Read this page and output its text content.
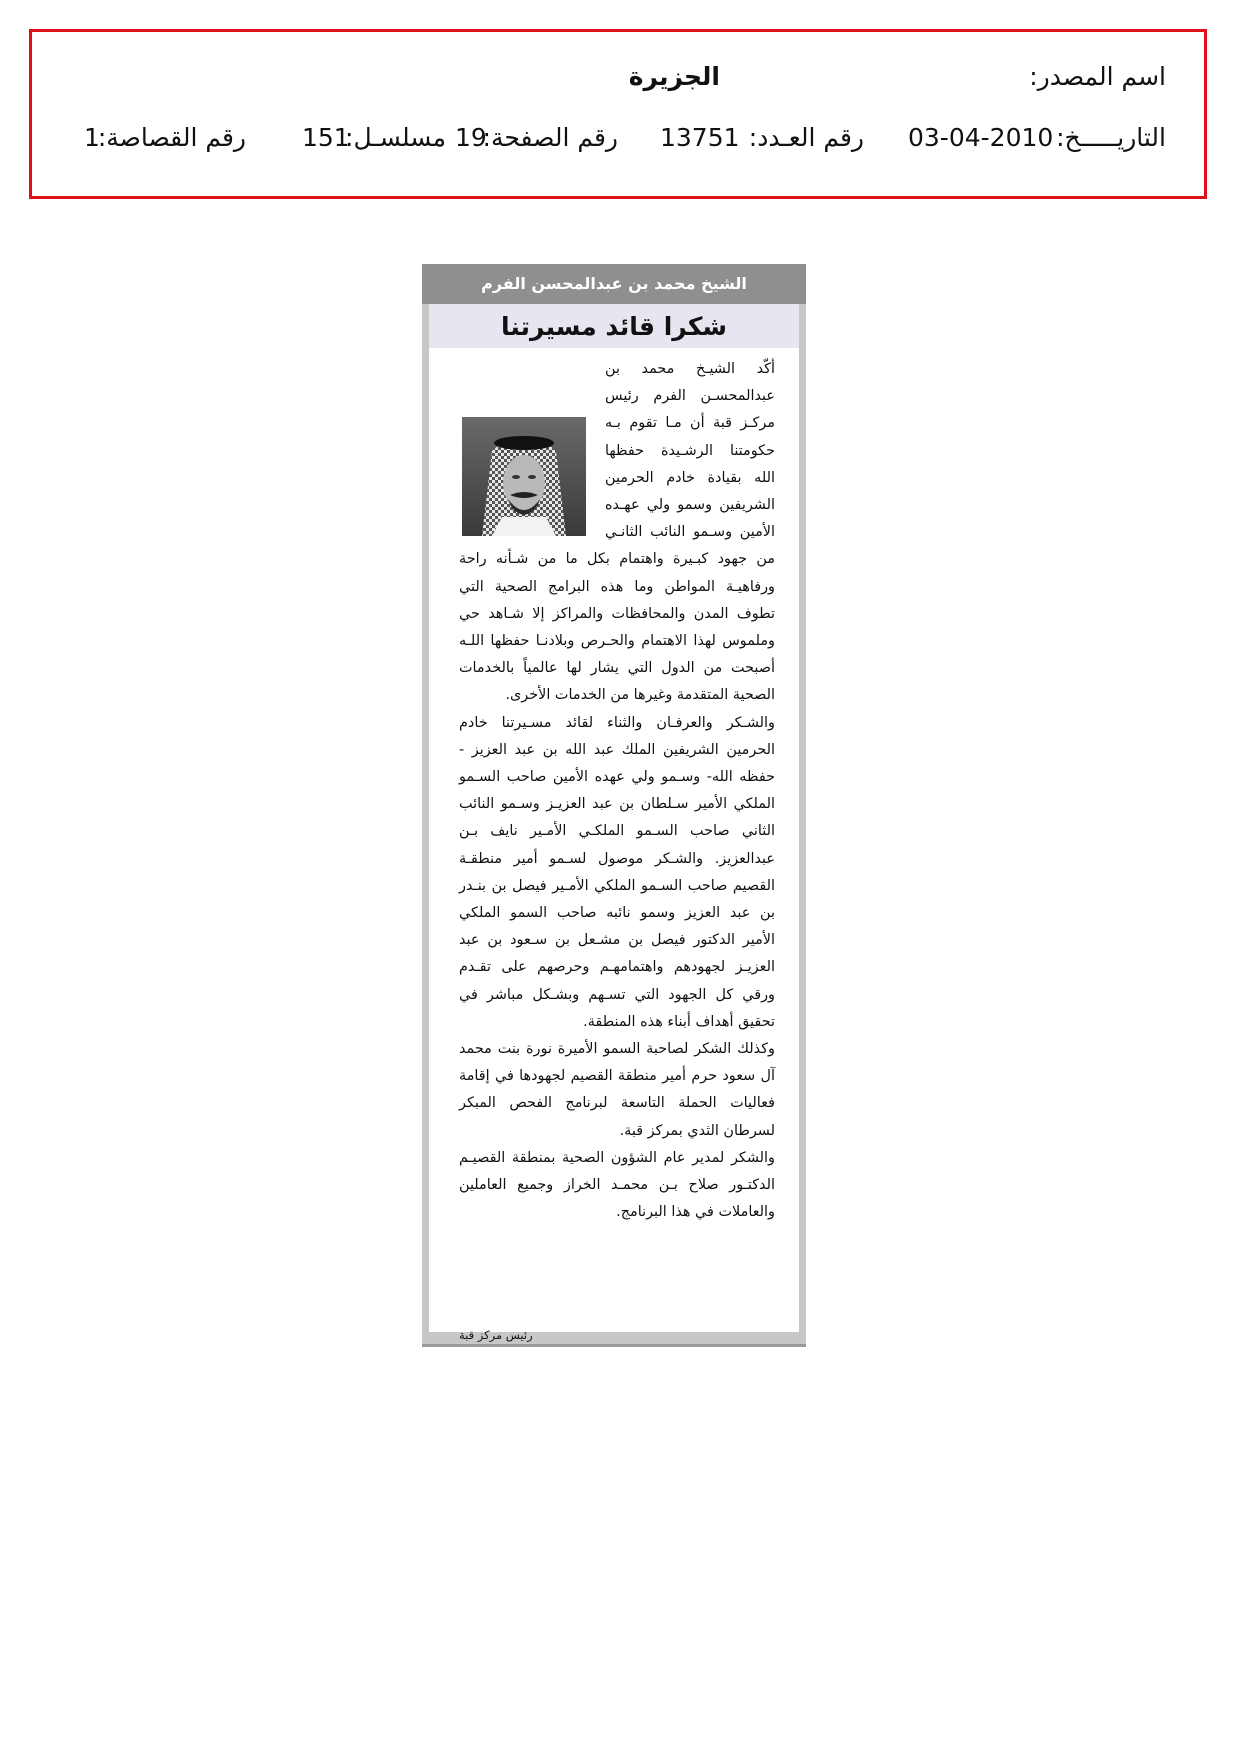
اسم المصدر:
الجزيرة
التاريـــــخ:
03-04-2010
رقم العـدد:
13751
رقم الصفحة:
19
مسلسـل:
151
رقم القصاصة:
1
الشيخ محمد بن عبدالمحسن الفرم
شكرا قائد مسيرتنا

أكّد الشيـخ محمد بن عبدالمحسـن الفرم رئيس مركـز قبة أن مـا تقوم بـه حكومتنا الرشـيدة حفظها الله بقيادة خادم الحرمين الشريفين وسمو ولي عهـده الأمين وسـمو النائب الثانـي من جهود كبـيرة واهتمام بكل ما من شـأنه راحة ورفاهيـة المواطن وما هذه البرامج الصحية التي تطوف المدن والمحافظات والمراكز إلا شـاهد حي وملموس لهذا الاهتمام والحـرص وبلادنـا حفظها اللـه أصبحت من الدول التي يشار لها عالمياً بالخدمات الصحية المتقدمة وغيرها من الخدمات الأخرى.

والشـكر والعرفـان والثناء لقائد مسـيرتنا خادم الحرمين الشريفين الملك عبد الله بن عبد العزيز - حفظه الله- وسـمو ولي عهده الأمين صاحب السـمو الملكي الأمير سـلطان بن عبد العزيـز وسـمو النائب الثاني صاحب السـمو الملكـي الأمـير نايف بـن عبدالعزيز. والشـكر موصول لسـمو أمير منطقـة القصيم صاحب السـمو الملكي الأمـير فيصل بن بنـدر بن عبد العزيز وسمو نائبه صاحب السمو الملكي الأمير الدكتور فيصل بن مشـعل بن سـعود بن عبد العزيـز لجهودهم واهتمامهـم وحرصهم على تقـدم ورقي كل الجهود التي تسـهم وبشـكل مباشر في تحقيق أهداف أبناء هذه المنطقة.

وكذلك الشكر لصاحبة السمو الأميرة نورة بنت محمد آل سعود حرم أمير منطقة القصيم لجهودها في إقامة فعاليات الحملة التاسعة لبرنامج الفحص المبكر لسرطان الثدي بمركز قبة.

والشكر لمدير عام الشؤون الصحية بمنطقة القصيـم الدكتـور صلاح بـن محمـد الخراز وجميع العاملين والعاملات في هذا البرنامج.

رئيس مركز قبة
